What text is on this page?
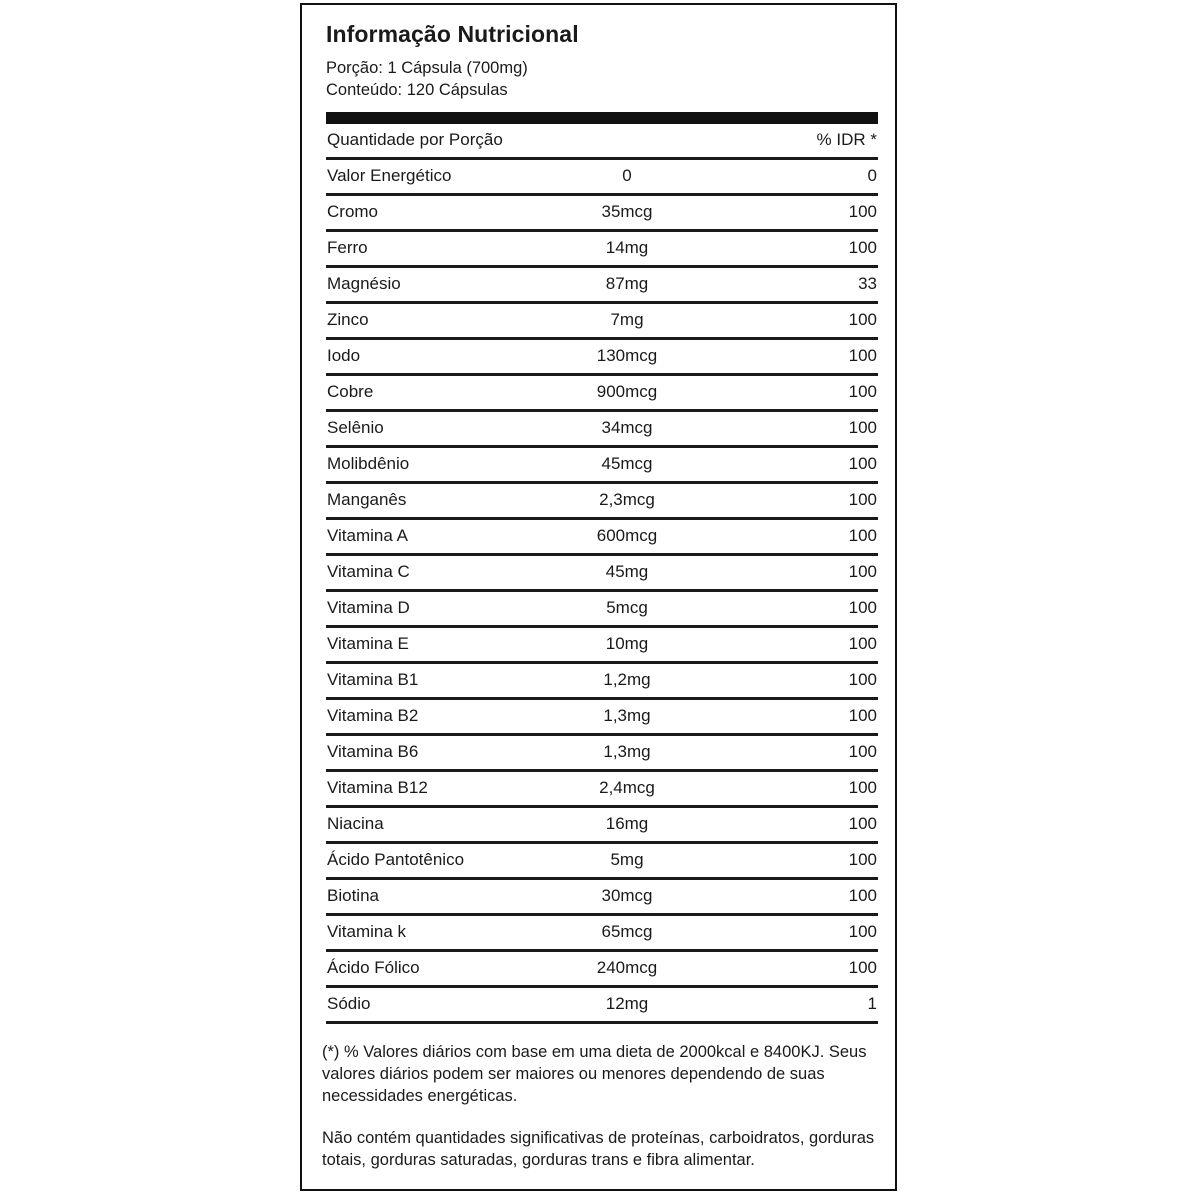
Informação Nutricional
Porção: 1 Cápsula (700mg)
Conteúdo: 120 Cápsulas
Quantidade por Porção	% IDR *
Valor Energético	0	0
Cromo	35mcg	100
Ferro	14mg	100
Magnésio	87mg	33
Zinco	7mg	100
Iodo	130mcg	100
Cobre	900mcg	100
Selênio	34mcg	100
Molibdênio	45mcg	100
Manganês	2,3mcg	100
Vitamina A	600mcg	100
Vitamina C	45mg	100
Vitamina D	5mcg	100
Vitamina E	10mg	100
Vitamina B1	1,2mg	100
Vitamina B2	1,3mg	100
Vitamina B6	1,3mg	100
Vitamina B12	2,4mcg	100
Niacina	16mg	100
Ácido Pantotênico	5mg	100
Biotina	30mcg	100
Vitamina k	65mcg	100
Ácido Fólico	240mcg	100
Sódio	12mg	1

(*) % Valores diários com base em uma dieta de 2000kcal e 8400KJ. Seus valores diários podem ser maiores ou menores dependendo de suas necessidades energéticas.

Não contém quantidades significativas de proteínas, carboidratos, gorduras totais, gorduras saturadas, gorduras trans e fibra alimentar.
